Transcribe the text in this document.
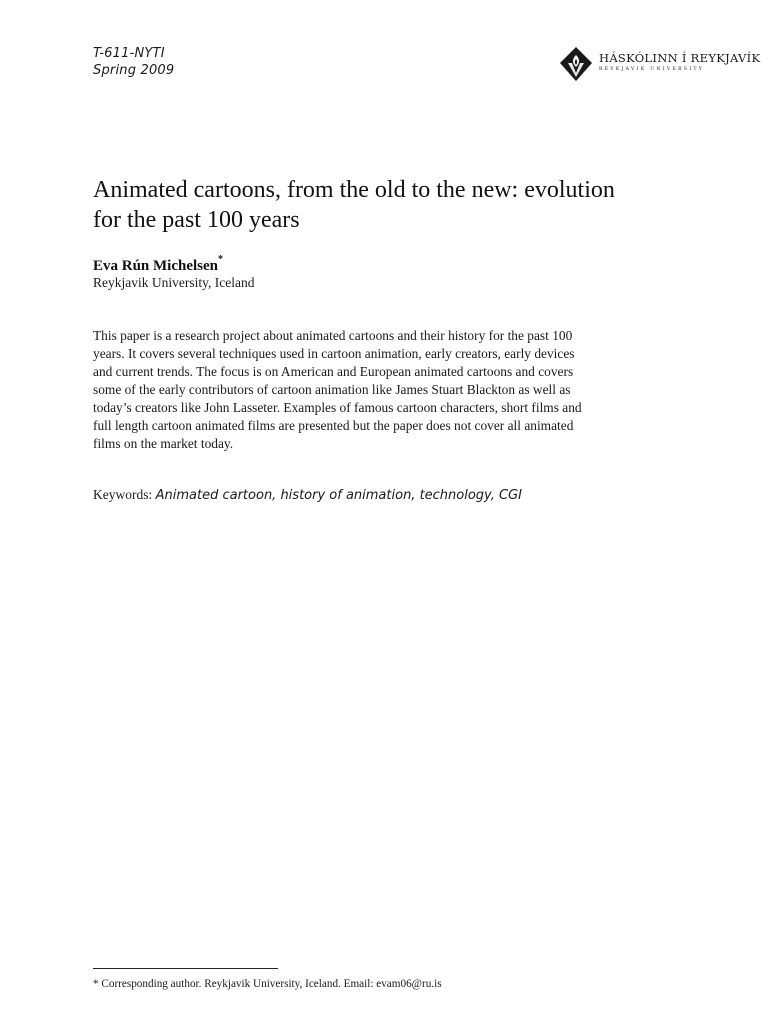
T-611-NYTI
Spring 2009
HÁSKÓLINN Í REYKJAVÍK
REYKJAVIK UNIVERSITY
Animated cartoons, from the old to the new: evolution
for the past 100 years
Eva Rún Michelsen*
Reykjavik University, Iceland
This paper is a research project about animated cartoons and their history for the past 100
years. It covers several techniques used in cartoon animation, early creators, early devices
and current trends. The focus is on American and European animated cartoons and covers
some of the early contributors of cartoon animation like James Stuart Blackton as well as
today’s creators like John Lasseter. Examples of famous cartoon characters, short films and
full length cartoon animated films are presented but the paper does not cover all animated
films on the market today.
Keywords: Animated cartoon, history of animation, technology, CGI
* Corresponding author. Reykjavik University, Iceland. Email: evam06@ru.is
